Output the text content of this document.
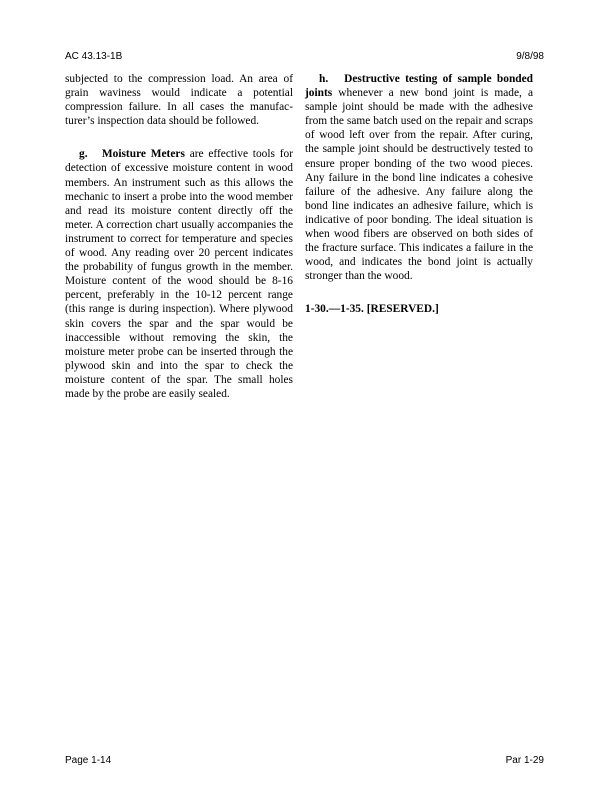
AC 43.13-1B	9/8/98

subjected to the compression load. An area of grain waviness would indicate a potential compression failure. In all cases the manufacturer’s inspection data should be followed.

g. Moisture Meters are effective tools for detection of excessive moisture content in wood members. An instrument such as this allows the mechanic to insert a probe into the wood member and read its moisture content directly off the meter. A correction chart usually accompanies the instrument to correct for temperature and species of wood. Any reading over 20 percent indicates the probability of fungus growth in the member. Moisture content of the wood should be 8-16 percent, preferably in the 10-12 percent range (this range is during inspection). Where plywood skin covers the spar and the spar would be inaccessible without removing the skin, the moisture meter probe can be inserted through the plywood skin and into the spar to check the moisture content of the spar. The small holes made by the probe are easily sealed.

h. Destructive testing of sample bonded joints whenever a new bond joint is made, a sample joint should be made with the adhesive from the same batch used on the repair and scraps of wood left over from the repair. After curing, the sample joint should be destructively tested to ensure proper bonding of the two wood pieces. Any failure in the bond line indicates a cohesive failure of the adhesive. Any failure along the bond line indicates an adhesive failure, which is indicative of poor bonding. The ideal situation is when wood fibers are observed on both sides of the fracture surface. This indicates a failure in the wood, and indicates the bond joint is actually stronger than the wood.

1-30.—1-35. [RESERVED.]

Page 1-14	Par 1-29
